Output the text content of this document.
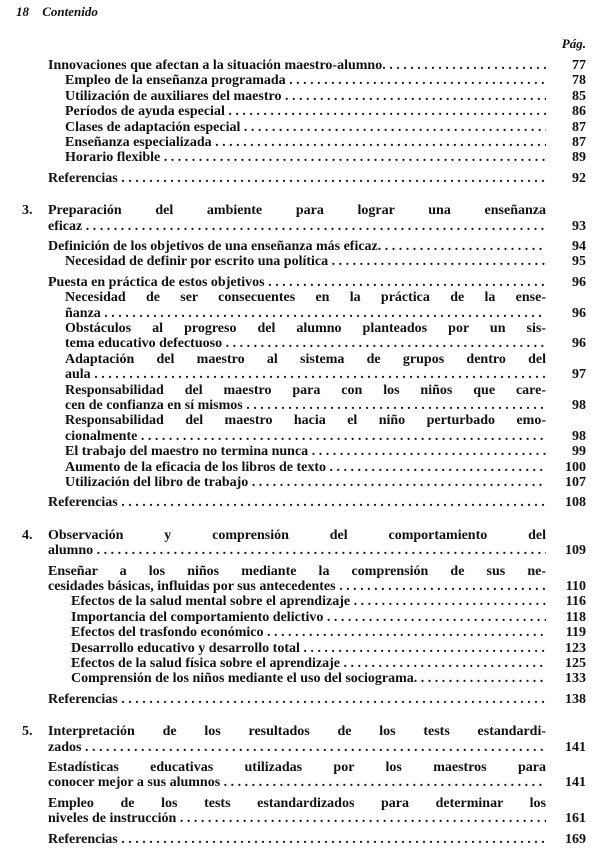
18 Contenido
Pág.
Innovaciones que afectan a la situación maestro-alumno. . . .	77
Empleo de la enseñanza programada . . .	78
Utilización de auxiliares del maestro . . .	85
Períodos de ayuda especial . . .	86
Clases de adaptación especial . . .	87
Enseñanza especializada . . .	87
Horario flexible . . .	89
Referencias . . .	92
3. Preparación del ambiente para lograr una enseñanza
eficaz . . .	93
Definición de los objetivos de una enseñanza más eficaz. . . .	94
Necesidad de definir por escrito una política . . .	95
Puesta en práctica de estos objetivos . . .	96
Necesidad de ser consecuentes en la práctica de la ense-
ñanza . . .	96
Obstáculos al progreso del alumno planteados por un sis-
tema educativo defectuoso . . .	96
Adaptación del maestro al sistema de grupos dentro del
aula . . .	97
Responsabilidad del maestro para con los niños que care-
cen de confianza en sí mismos . . .	98
Responsabilidad del maestro hacia el niño perturbado emo-
cionalmente . . .	98
El trabajo del maestro no termina nunca . . .	99
Aumento de la eficacia de los libros de texto . . .	100
Utilización del libro de trabajo . . .	107
Referencias . . .	108
4. Observación y comprensión del comportamiento del
alumno . . .	109
Enseñar a los niños mediante la comprensión de sus ne-
cesidades básicas, influidas por sus antecedentes . . .	110
Efectos de la salud mental sobre el aprendizaje . . .	116
Importancia del comportamiento delictivo . . .	118
Efectos del trasfondo económico . . .	119
Desarrollo educativo y desarrollo total . . .	123
Efectos de la salud física sobre el aprendizaje . . .	125
Comprensión de los niños mediante el uso del sociograma. . . .	133
Referencias . . .	138
5. Interpretación de los resultados de los tests estandardi-
zados . . .	141
Estadísticas educativas utilizadas por los maestros para
conocer mejor a sus alumnos . . .	141
Empleo de los tests estandardizados para determinar los
niveles de instrucción . . .	161
Referencias . . .	169
